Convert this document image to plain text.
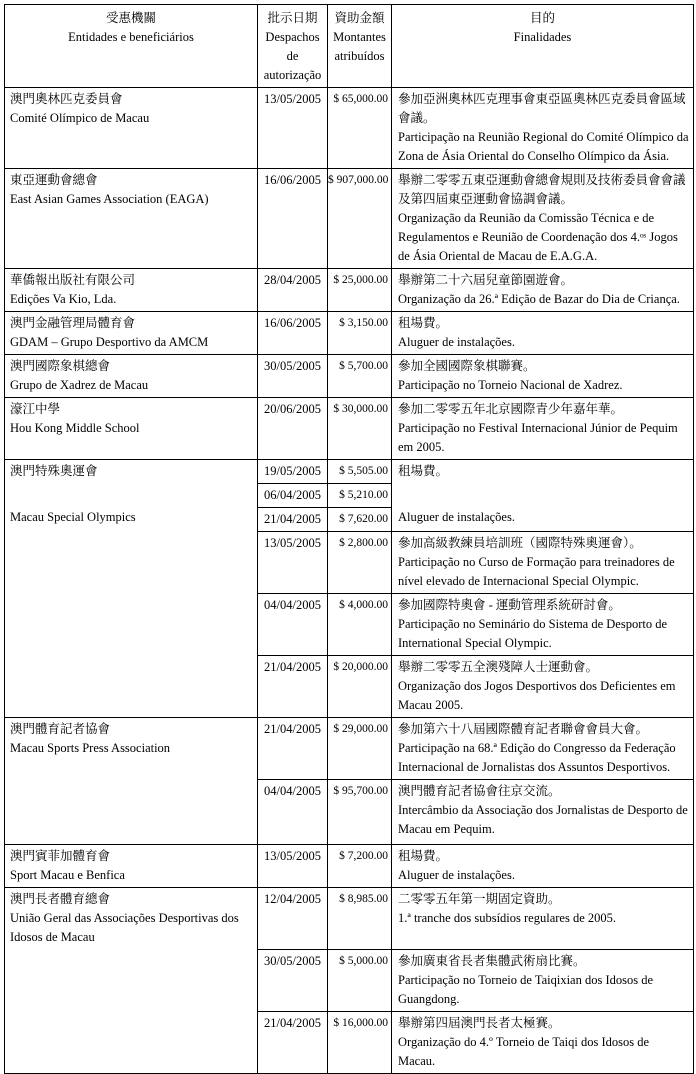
受惠機關
Entidades e beneficiários

批示日期
Despachos de autorização

資助金額
Montantes atribuídos

目的
Finalidades

澳門奧林匹克委員會
Comité Olímpico de Macau
	13/05/2005	$ 65,000.00	參加亞洲奧林匹克理事會東亞區奧林匹克委員會區域會議。
Participação na Reunião Regional do Comité Olímpico da Zona de Ásia Oriental do Conselho Olímpico da Ásia.

東亞運動會總會
East Asian Games Association (EAGA)
	16/06/2005	$ 907,000.00	舉辦二零零五東亞運動會總會規則及技術委員會會議及第四屆東亞運動會協調會議。
Organização da Reunião da Comissão Técnica e de Regulamentos e Reunião de Coordenação dos 4.ᵒˢ Jogos de Ásia Oriental de Macau de E.A.G.A.

華僑報出版社有限公司
Edições Va Kio, Lda.
	28/04/2005	$ 25,000.00	舉辦第二十六屆兒童節園遊會。
Organização da 26.ª Edição de Bazar do Dia de Criança.

澳門金融管理局體育會
GDAM – Grupo Desportivo da AMCM
	16/06/2005	$ 3,150.00	租場費。
Aluguer de instalações.

澳門國際象棋總會
Grupo de Xadrez de Macau
	30/05/2005	$ 5,700.00	參加全國國際象棋聯賽。
Participação no Torneio Nacional de Xadrez.

濠江中學
Hou Kong Middle School
	20/06/2005	$ 30,000.00	參加二零零五年北京國際青少年嘉年華。
Participação no Festival Internacional Júnior de Pequim em 2005.

澳門特殊奧運會
Macau Special Olympics
	19/05/2005	$ 5,505.00	租場費。
Aluguer de instalações.

	06/04/2005	$ 5,210.00	
	21/04/2005	$ 7,620.00	
	13/05/2005	$ 2,800.00	參加高級教練員培訓班（國際特殊奧運會）。
Participação no Curso de Formação para treinadores de nível elevado de Internacional Special Olympic.

	04/04/2005	$ 4,000.00	參加國際特奧會 - 運動管理系統研討會。
Participação no Seminário do Sistema de Desporto de International Special Olympic.

	21/04/2005	$ 20,000.00	舉辦二零零五全澳殘障人士運動會。
Organização dos Jogos Desportivos dos Deficientes em Macau 2005.

澳門體育記者協會
Macau Sports Press Association
	21/04/2005	$ 29,000.00	參加第六十八屆國際體育記者聯會會員大會。
Participação na 68.ª Edição do Congresso da Federação Internacional de Jornalistas dos Assuntos Desportivos.

	04/04/2005	$ 95,700.00	澳門體育記者協會往京交流。
Intercâmbio da Associação dos Jornalistas de Desporto de Macau em Pequim.

澳門賓菲加體育會
Sport Macau e Benfica
	13/05/2005	$ 7,200.00	租場費。
Aluguer de instalações.

澳門長者體育總會
União Geral das Associações Desportivas dos Idosos de Macau
	12/04/2005	$ 8,985.00	二零零五年第一期固定資助。
1.ª tranche dos subsídios regulares de 2005.

	30/05/2005	$ 5,000.00	參加廣東省長者集體武術扇比賽。
Participação no Torneio de Taiqixian dos Idosos de Guangdong.

	21/04/2005	$ 16,000.00	舉辦第四屆澳門長者太極賽。
Organização do 4.º Torneio de Taiqi dos Idosos de Macau.
